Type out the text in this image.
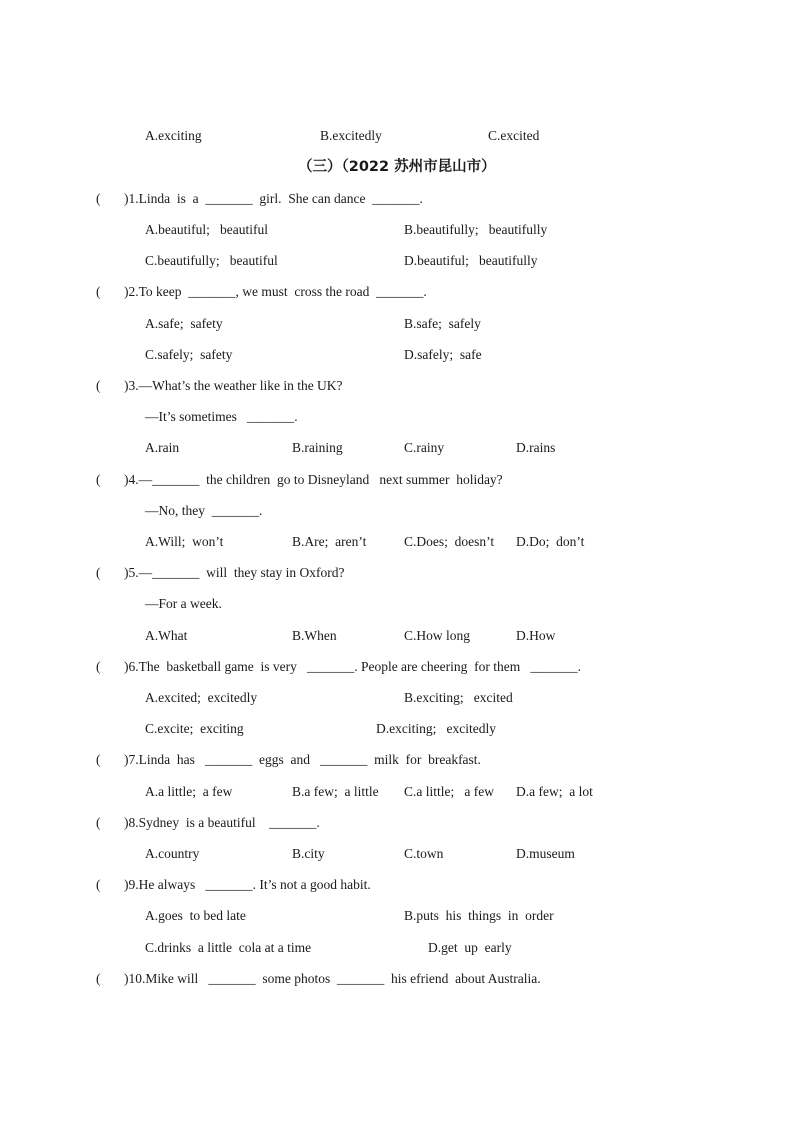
A.exciting	B.excitedly	C.excited
（三）（2022 苏州市昆山市）
( )1.Linda  is  a  _______  girl.  She can dance  _______.
A.beautiful;   beautiful	B.beautifully;   beautifully
C.beautifully;   beautiful	D.beautiful;   beautifully
( )2.To keep  _______, we must  cross the road  _______.
A.safe;  safety	B.safe;  safely
C.safely;  safety	D.safely;  safe
( )3.—What’s the weather like in the UK?
—It’s sometimes   _______.
A.rain	B.raining	C.rainy	D.rains
( )4.—_______  the children  go to Disneyland   next summer  holiday?
—No, they  _______.
A.Will;  won’t	B.Are;  aren’t	C.Does;  doesn’t D.Do;  don’t
( )5.—_______  will  they stay in Oxford?
—For a week.
A.What	B.When	C.How long	D.How
( )6.The  basketball game  is very   _______. People are cheering  for them   _______.
A.excited;  excitedly	B.exciting;   excited
C.excite;  exciting	D.exciting;   excitedly
( )7.Linda  has   _______  eggs  and   _______  milk  for  breakfast.
A.a little;  a few	B.a few;  a little C.a little;   a few D.a few;  a lot
( )8.Sydney  is a beautiful    _______.
A.country	B.city	C.town	D.museum
( )9.He always   _______. It’s not a good habit.
A.goes  to bed late	B.puts  his  things  in  order
C.drinks  a little  cola at a time	D.get  up  early
( )10.Mike will   _______  some photos  _______  his efriend  about Australia.
